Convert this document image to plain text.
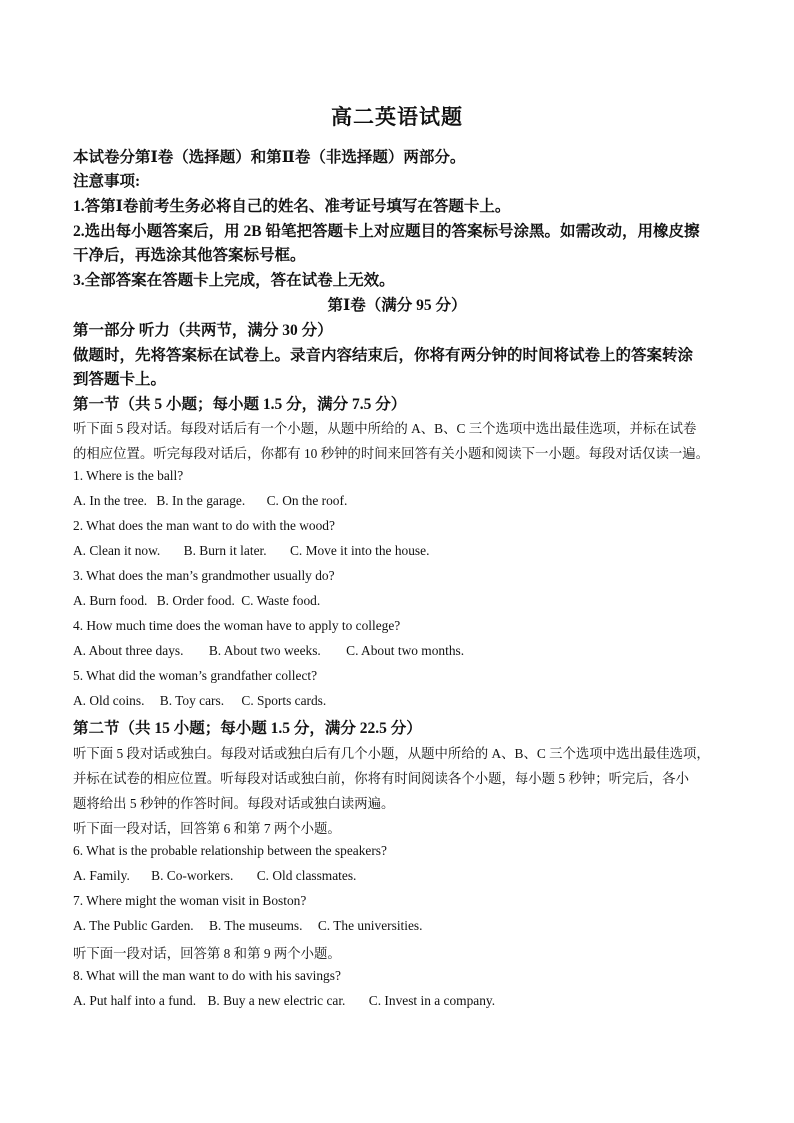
高二英语试题
本试卷分第Ⅰ卷（选择题）和第Ⅱ卷（非选择题）两部分。
注意事项:
1.答第Ⅰ卷前考生务必将自己的姓名、准考证号填写在答题卡上。
2.选出每小题答案后，用 2B 铅笔把答题卡上对应题目的答案标号涂黑。如需改动，用橡皮擦
干净后，再选涂其他答案标号框。
3.全部答案在答题卡上完成，答在试卷上无效。
第Ⅰ卷（满分 95 分）
第一部分 听力（共两节，满分 30 分）
做题时，先将答案标在试卷上。录音内容结束后，你将有两分钟的时间将试卷上的答案转涂
到答题卡上。
第一节（共 5 小题；每小题 1.5 分，满分 7.5 分）
听下面 5 段对话。每段对话后有一个小题，从题中所给的 A、B、C 三个选项中选出最佳选项，并标在试卷
的相应位置。听完每段对话后，你都有 10 秒钟的时间来回答有关小题和阅读下一小题。每段对话仅读一遍。
1. Where is the ball?
A. In the tree. B. In the garage. C. On the roof.
2. What does the man want to do with the wood?
A. Clean it now. B. Burn it later. C. Move it into the house.
3. What does the man’s grandmother usually do?
A. Burn food. B. Order food. C. Waste food.
4. How much time does the woman have to apply to college?
A. About three days. B. About two weeks. C. About two months.
5. What did the woman’s grandfather collect?
A. Old coins. B. Toy cars. C. Sports cards.
第二节（共 15 小题；每小题 1.5 分，满分 22.5 分）
听下面 5 段对话或独白。每段对话或独白后有几个小题，从题中所给的 A、B、C 三个选项中选出最佳选项，
并标在试卷的相应位置。听每段对话或独白前，你将有时间阅读各个小题，每小题 5 秒钟；听完后，各小
题将给出 5 秒钟的作答时间。每段对话或独白读两遍。
听下面一段对话，回答第 6 和第 7 两个小题。
6. What is the probable relationship between the speakers?
A. Family. B. Co-workers. C. Old classmates.
7. Where might the woman visit in Boston?
A. The Public Garden. B. The museums. C. The universities.
听下面一段对话，回答第 8 和第 9 两个小题。
8. What will the man want to do with his savings?
A. Put half into a fund. B. Buy a new electric car. C. Invest in a company.
